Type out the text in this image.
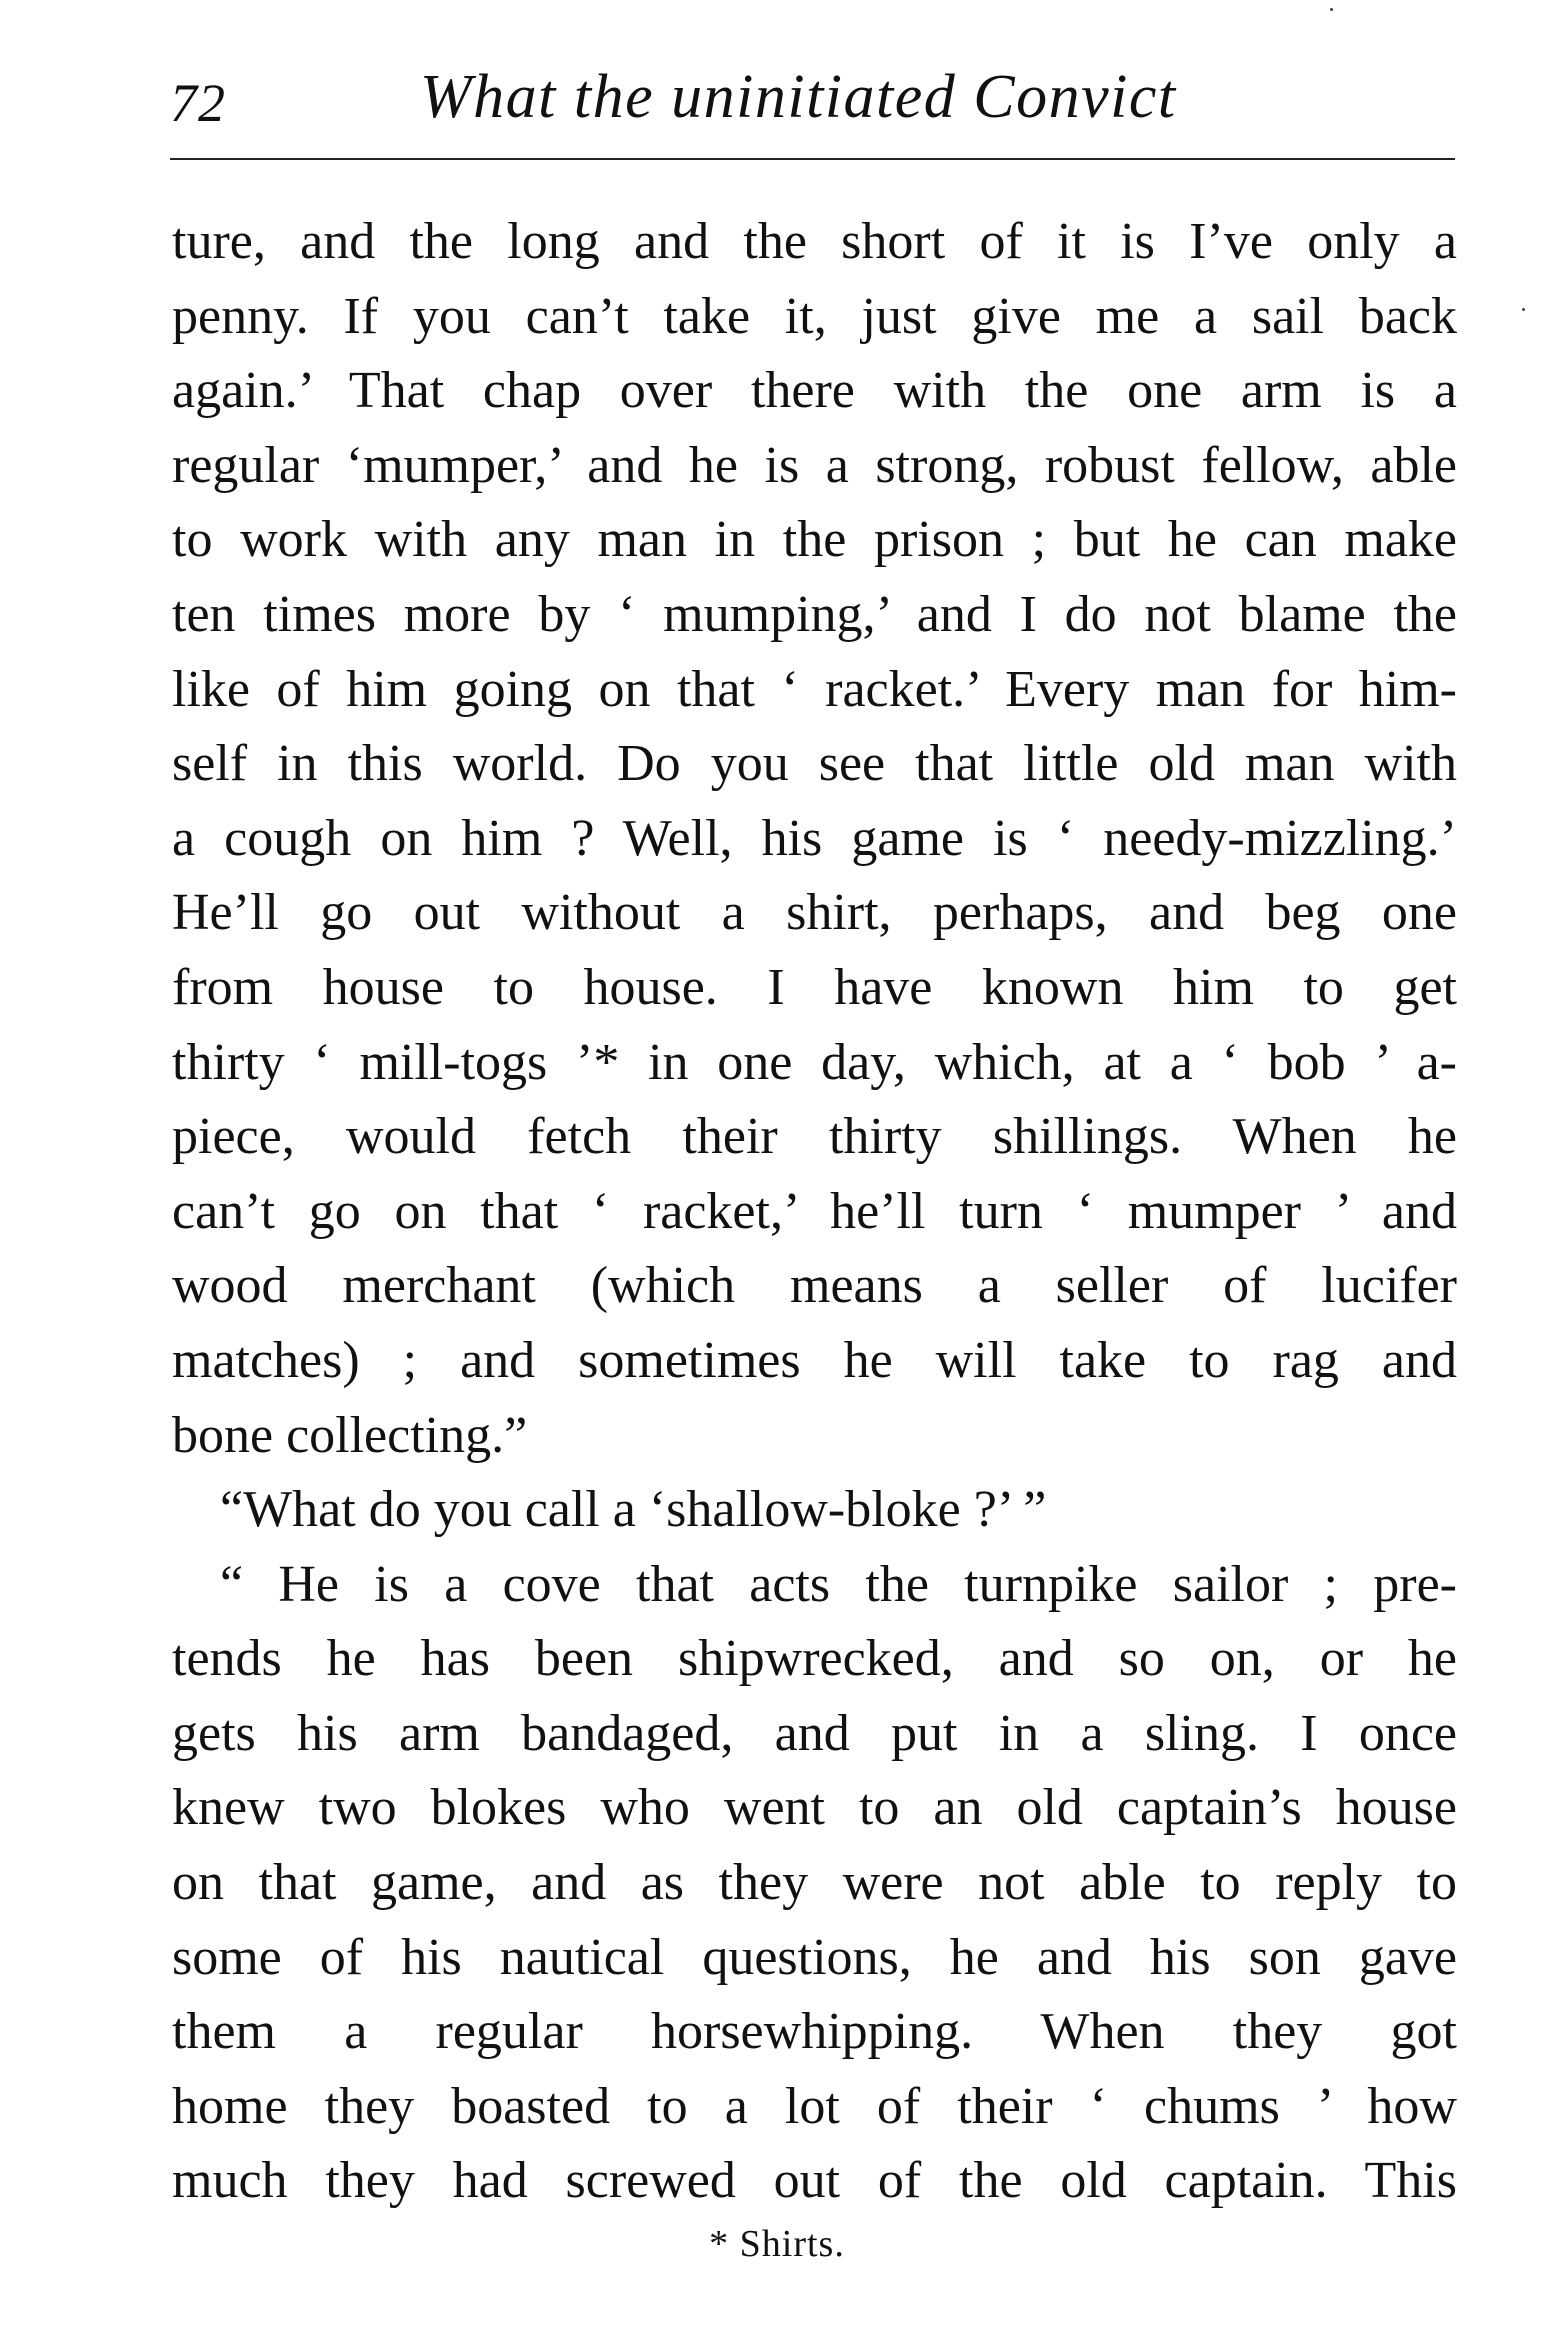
72	What the uninitiated Convict
ture, and the long and the short of it is I’ve only a
penny. If you can’t take it, just give me a sail back
again.’ That chap over there with the one arm is a
regular ‘mumper,’ and he is a strong, robust fellow, able
to work with any man in the prison ; but he can make
ten times more by ‘ mumping,’ and I do not blame the
like of him going on that ‘ racket.’ Every man for him-
self in this world. Do you see that little old man with
a cough on him ? Well, his game is ‘ needy-mizzling.’
He’ll go out without a shirt, perhaps, and beg one
from house to house. I have known him to get
thirty ‘ mill-togs ’* in one day, which, at a ‘ bob ’ a-
piece, would fetch their thirty shillings. When he
can’t go on that ‘ racket,’ he’ll turn ‘ mumper ’ and
wood merchant (which means a seller of lucifer
matches) ; and sometimes he will take to rag and
bone collecting.”
“What do you call a ‘shallow-bloke ?’ ”
“ He is a cove that acts the turnpike sailor ; pre-
tends he has been shipwrecked, and so on, or he
gets his arm bandaged, and put in a sling. I once
knew two blokes who went to an old captain’s house
on that game, and as they were not able to reply to
some of his nautical questions, he and his son gave
them a regular horsewhipping. When they got
home they boasted to a lot of their ‘ chums ’ how
much they had screwed out of the old captain. This
* Shirts.
